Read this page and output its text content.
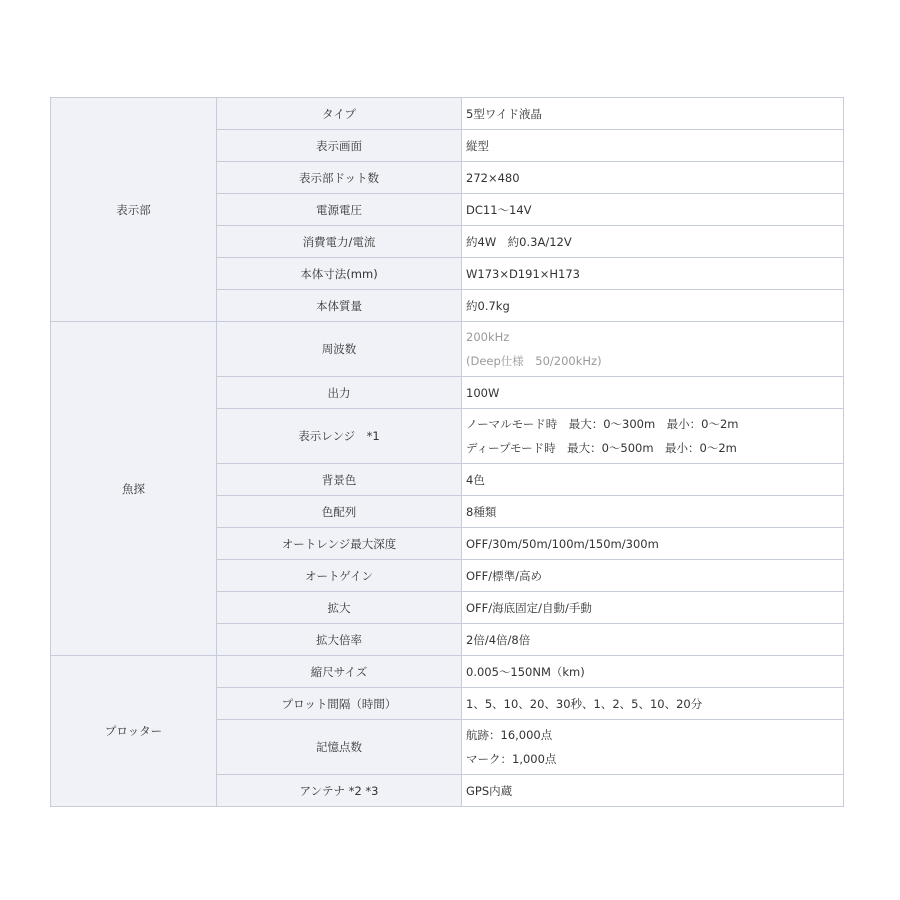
表示部	タイプ	5型ワイド液晶
	表示画面	縦型
	表示部ドット数	272×480
	電源電圧	DC11～14V
	消費電力/電流	約4W　約0.3A/12V
	本体寸法(mm)	W173×D191×H173
	本体質量	約0.7kg
魚探	周波数	200kHz
(Deep仕様　50/200kHz)

	出力	100W
	表示レンジ　*1	ノーマルモード時　最大：0～300m　最小：0～2m
ディープモード時　最大：0～500m　最小：0～2m

	背景色	4色
	色配列	8種類
	オートレンジ最大深度	OFF/30m/50m/100m/150m/300m
	オートゲイン	OFF/標準/高め
	拡大	OFF/海底固定/自動/手動
	拡大倍率	2倍/4倍/8倍
プロッター	縮尺サイズ	0.005～150NM（km)
	プロット間隔（時間）	1、5、10、20、30秒、1、2、5、10、20分
	記憶点数	航跡：16,000点
マーク：1,000点

	アンテナ *2 *3	GPS内蔵
